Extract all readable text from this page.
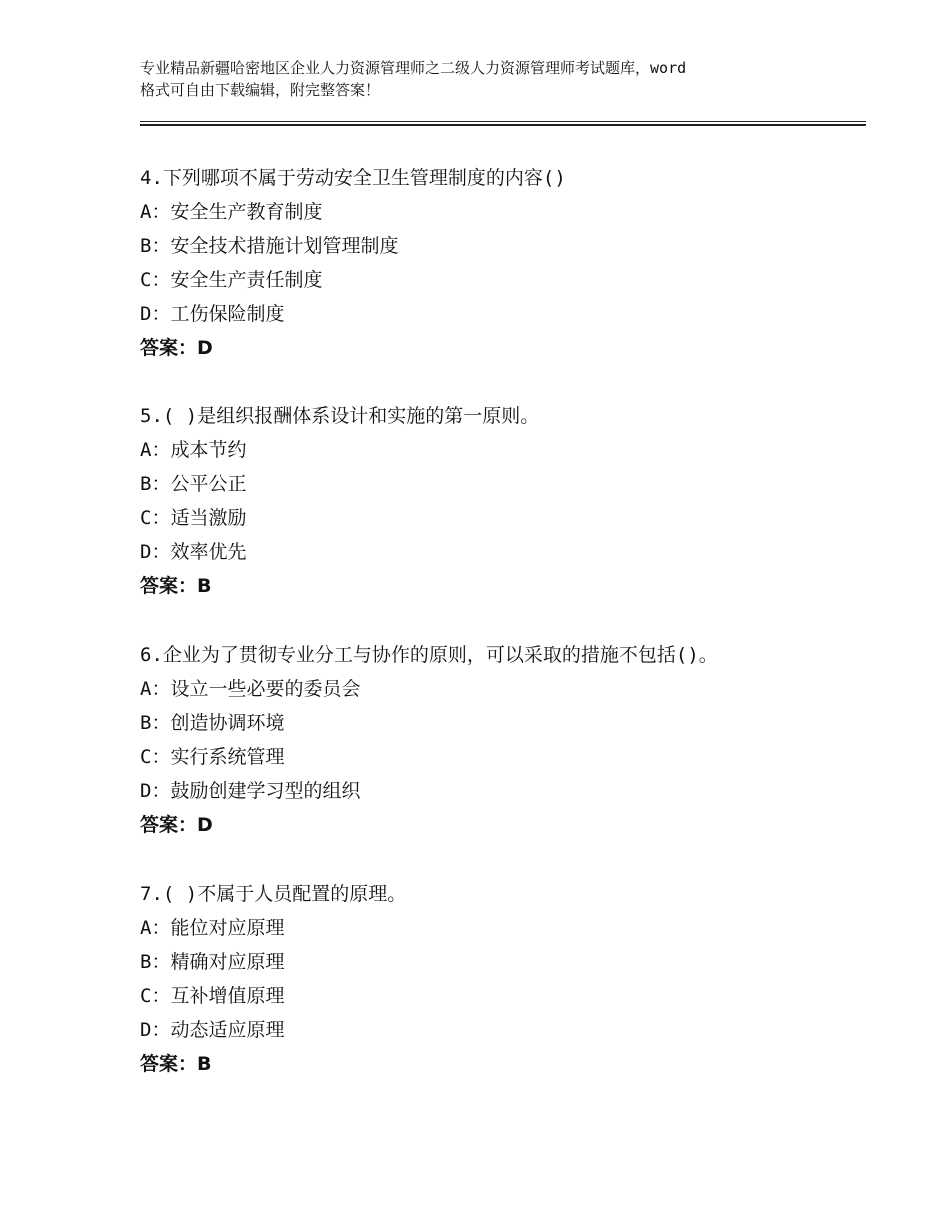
专业精品新疆哈密地区企业人力资源管理师之二级人力资源管理师考试题库，word
格式可自由下载编辑，附完整答案！
4.下列哪项不属于劳动安全卫生管理制度的内容()
A：安全生产教育制度
B：安全技术措施计划管理制度
C：安全生产责任制度
D：工伤保险制度
答案：D
5.( )是组织报酬体系设计和实施的第一原则。
A：成本节约
B：公平公正
C：适当激励
D：效率优先
答案：B
6.企业为了贯彻专业分工与协作的原则，可以采取的措施不包括()。
A：设立一些必要的委员会
B：创造协调环境
C：实行系统管理
D：鼓励创建学习型的组织
答案：D
7.( )不属于人员配置的原理。
A：能位对应原理
B：精确对应原理
C：互补增值原理
D：动态适应原理
答案：B
